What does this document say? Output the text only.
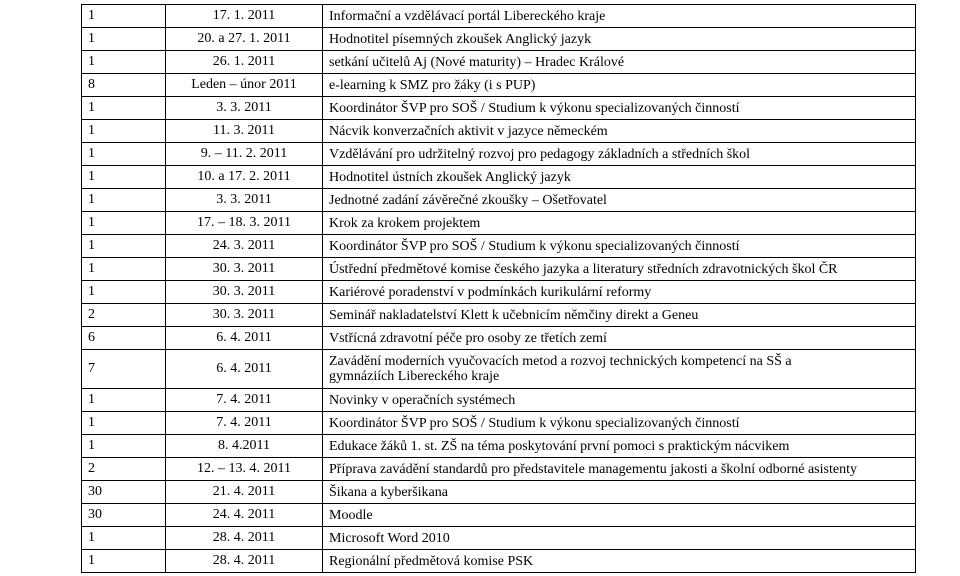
1	17. 1. 2011	Informační a vzdělávací portál Libereckého kraje
1	20. a 27. 1. 2011	Hodnotitel písemných zkoušek Anglický jazyk
1	26. 1. 2011	setkání učitelů Aj (Nové maturity) – Hradec Králové
8	Leden – únor 2011	e-learning k SMZ pro žáky (i s PUP)
1	3. 3. 2011	Koordinátor ŠVP pro SOŠ / Studium k výkonu specializovaných činností
1	11. 3. 2011	Nácvik konverzačních aktivit v jazyce německém
1	9. – 11. 2. 2011	Vzdělávání pro udržitelný rozvoj pro pedagogy základních a středních škol
1	10. a 17. 2. 2011	Hodnotitel ústních zkoušek Anglický jazyk
1	3. 3. 2011	Jednotné zadání závěrečné zkoušky – Ošetřovatel
1	17. – 18. 3. 2011	Krok za krokem projektem
1	24. 3. 2011	Koordinátor ŠVP pro SOŠ / Studium k výkonu specializovaných činností
1	30. 3. 2011	Ústřední předmětové komise českého jazyka a literatury středních zdravotnických škol ČR
1	30. 3. 2011	Kariérové poradenství v podmínkách kurikulární reformy
2	30. 3. 2011	Seminář nakladatelství Klett k učebnicím němčiny direkt a Geneu
6	6. 4. 2011	Vstřícná zdravotní péče pro osoby ze třetích zemí
7	6. 4. 2011	Zavádění moderních vyučovacích metod a rozvoj technických kompetencí na SŠ a
gymnáziích Libereckého kraje

1	7. 4. 2011	Novinky v operačních systémech
1	7. 4. 2011	Koordinátor ŠVP pro SOŠ / Studium k výkonu specializovaných činností
1	8. 4.2011	Edukace žáků 1. st. ZŠ na téma poskytování první pomoci s praktickým nácvikem
2	12. – 13. 4. 2011	Příprava zavádění standardů pro představitele managementu jakosti a školní odborné asistenty
30	21. 4. 2011	Šikana a kyberšikana
30	24. 4. 2011	Moodle
1	28. 4. 2011	Microsoft Word 2010
1	28. 4. 2011	Regionální předmětová komise PSK
